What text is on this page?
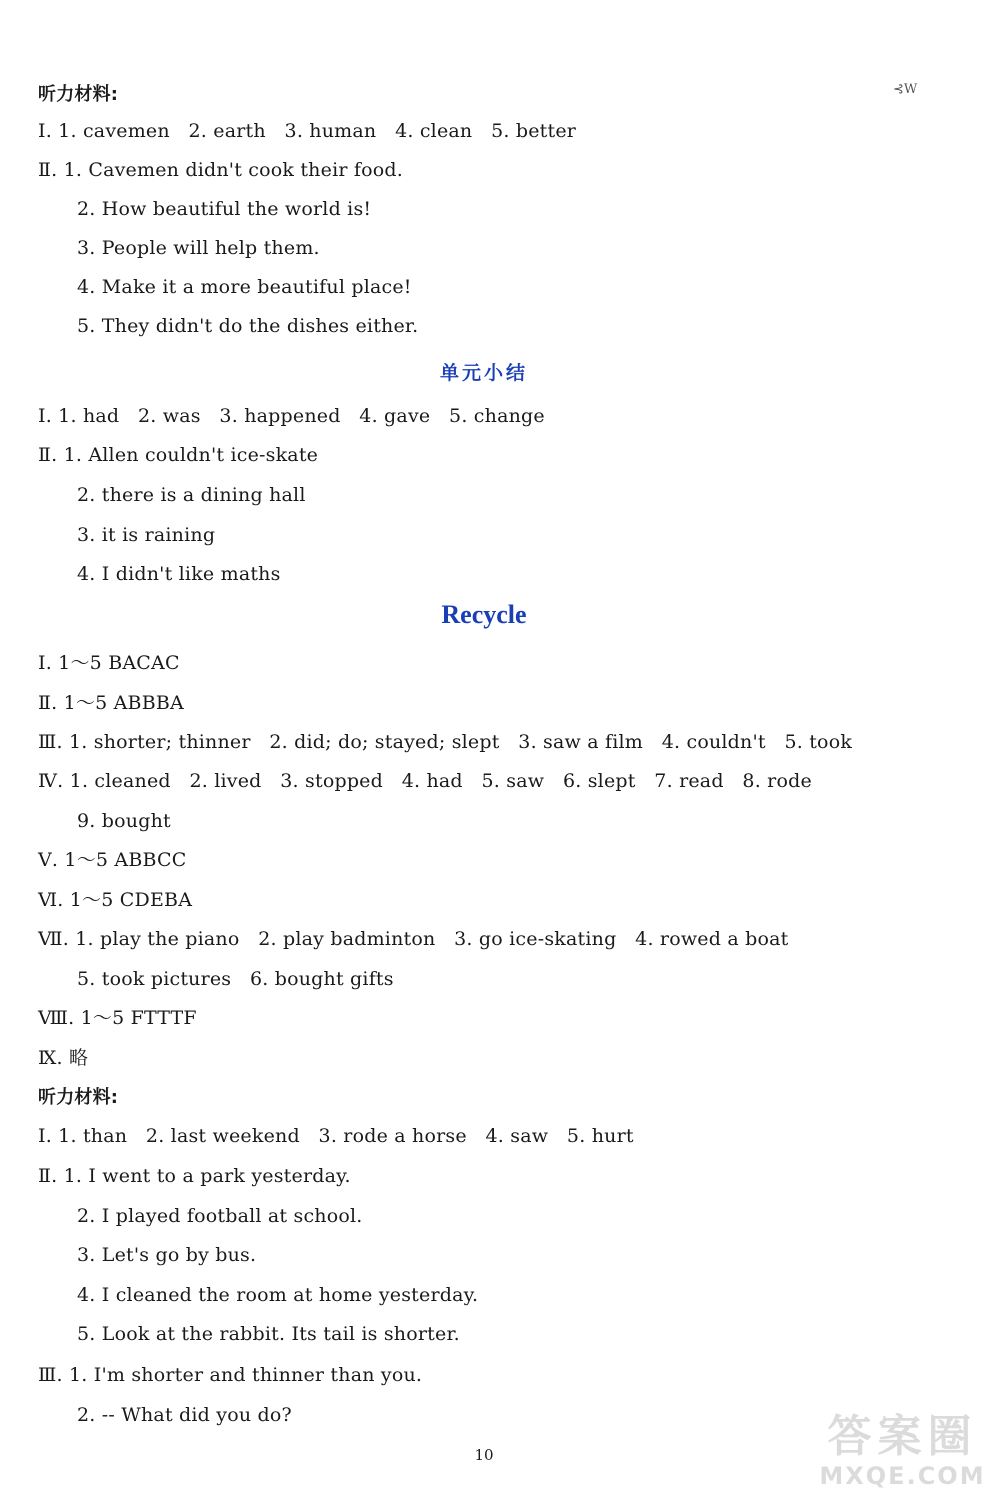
⊰W
听力材料:
Ⅰ. 1. cavemen   2. earth   3. human   4. clean   5. better
Ⅱ. 1. Cavemen didn't cook their food.
2. How beautiful the world is!
3. People will help them.
4. Make it a more beautiful place!
5. They didn't do the dishes either.
单元小结
Ⅰ. 1. had   2. was   3. happened   4. gave   5. change
Ⅱ. 1. Allen couldn't ice-skate
2. there is a dining hall
3. it is raining
4. I didn't like maths
Recycle
Ⅰ. 1～5 BACAC
Ⅱ. 1～5 ABBBA
Ⅲ. 1. shorter; thinner   2. did; do; stayed; slept   3. saw a film   4. couldn't   5. took
Ⅳ. 1. cleaned   2. lived   3. stopped   4. had   5. saw   6. slept   7. read   8. rode
9. bought
Ⅴ. 1～5 ABBCC
Ⅵ. 1～5 CDEBA
Ⅶ. 1. play the piano   2. play badminton   3. go ice-skating   4. rowed a boat
5. took pictures   6. bought gifts
Ⅷ. 1～5 FTTTF
Ⅸ. 略
听力材料:
Ⅰ. 1. than   2. last weekend   3. rode a horse   4. saw   5. hurt
Ⅱ. 1. I went to a park yesterday.
2. I played football at school.
3. Let's go by bus.
4. I cleaned the room at home yesterday.
5. Look at the rabbit. Its tail is shorter.
Ⅲ. 1. I'm shorter and thinner than you.
2. -- What did you do?
10	答案圈
MXQE.COM
